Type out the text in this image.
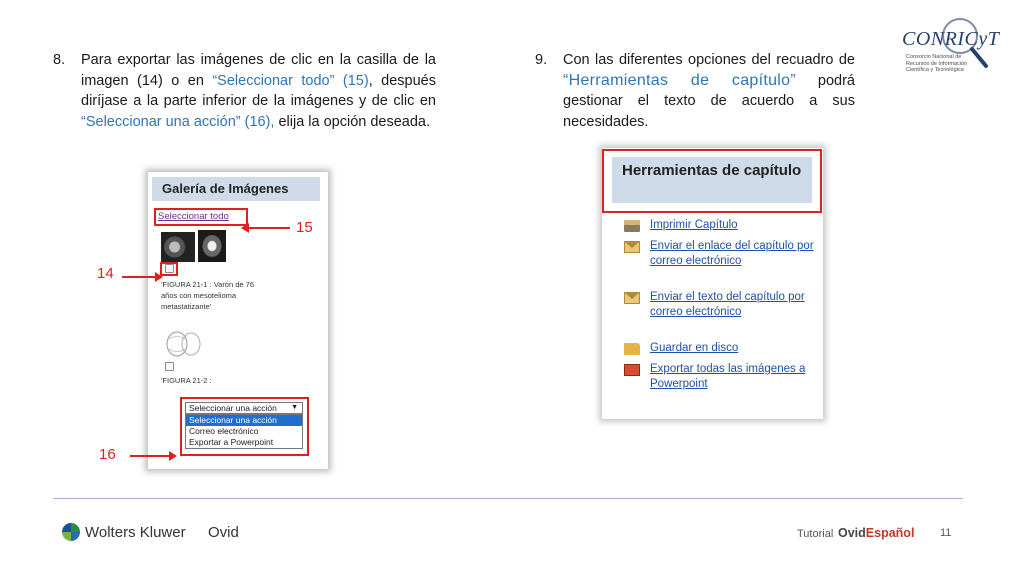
8. Para exportar las imágenes de clic en la casilla de la imagen (14) o en “Seleccionar todo” (15), después diríjase a la parte inferior de la imágenes y de clic en “Seleccionar una acción” (16), elija la opción deseada.
9. Con las diferentes opciones del recuadro de “Herramientas de capítulo” podrá gestionar el texto de acuerdo a sus necesidades.
CONRICyT
Consorcio Nacional de Recursos de Información Científica y Tecnológica
Galería de Imágenes
Seleccionar todo
'FIGURA 21-1 : Varón de 76 años con mesotelioma metastatizante'
'FIGURA 21-2 :
Seleccionar una acción ▼
Seleccionar una acción
Correo electrónico
Exportar a Powerpoint
15
14
16
Herramientas de capítulo
Imprimir Capítulo
Enviar el enlace del capítulo por correo electrónico
Enviar el texto del capítulo por correo electrónico
Guardar en disco
Exportar todas las imágenes a Powerpoint
Wolters Kluwer Ovid	Tutorial OvidEspañol 11
